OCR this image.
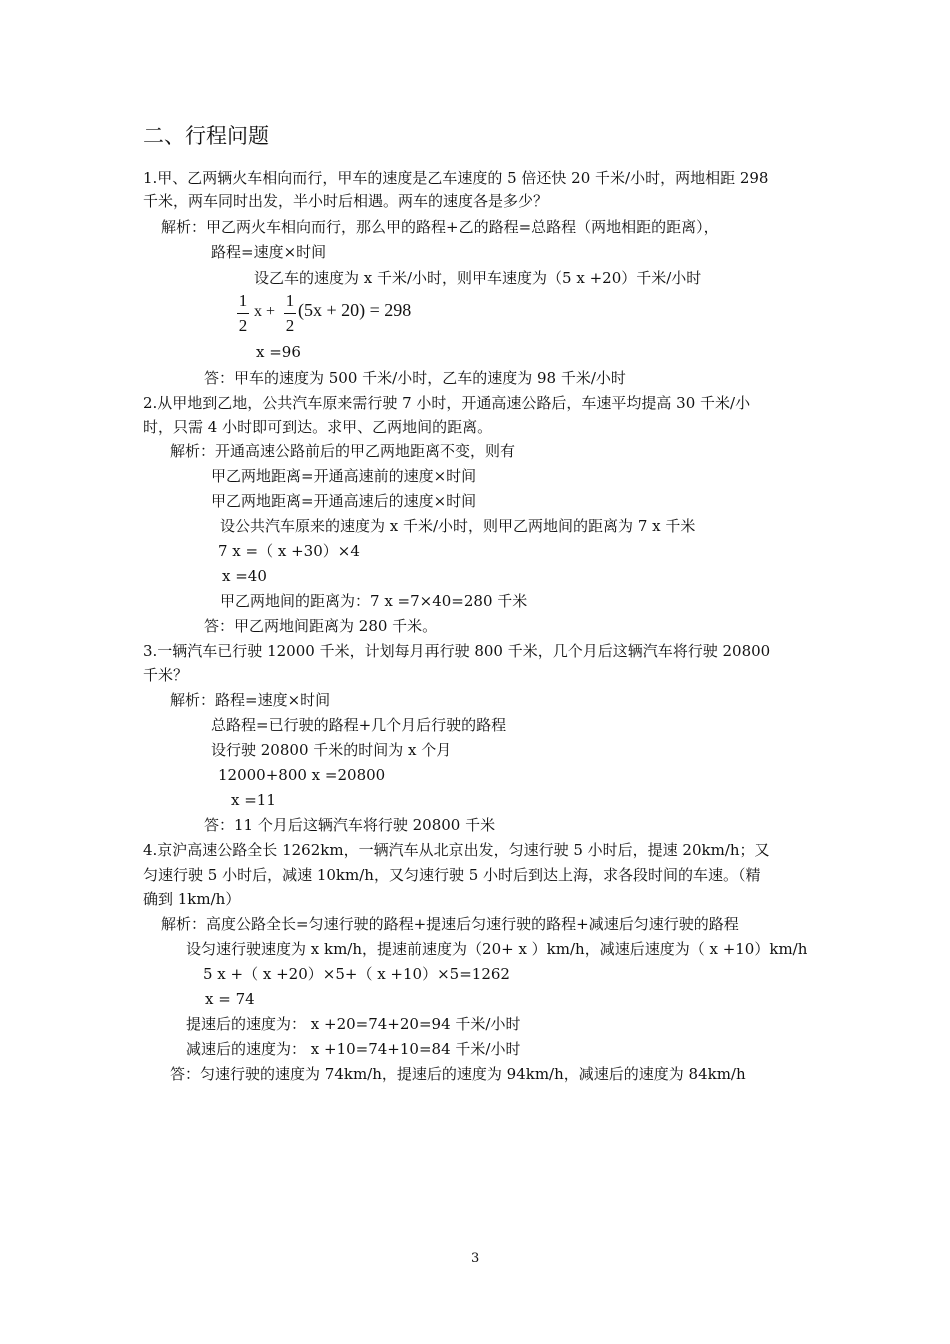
二、行程问题
1.甲、乙两辆火车相向而行，甲车的速度是乙车速度的 5 倍还快 20 千米/小时，两地相距 298
千米，两车同时出发，半小时后相遇。两车的速度各是多少？
解析：甲乙两火车相向而行，那么甲的路程+乙的路程=总路程（两地相距的距离），
路程=速度×时间
设乙车的速度为 x 千米/小时，则甲车速度为（5 x +20）千米/小时
1
2
x +
1
2
(5x + 20) = 298
x =96
答：甲车的速度为 500 千米/小时，乙车的速度为 98 千米/小时
2.从甲地到乙地，公共汽车原来需行驶 7 小时，开通高速公路后，车速平均提高 30 千米/小
时，只需 4 小时即可到达。求甲、乙两地间的距离。
解析：开通高速公路前后的甲乙两地距离不变，则有
甲乙两地距离=开通高速前的速度×时间
甲乙两地距离=开通高速后的速度×时间
设公共汽车原来的速度为 x 千米/小时，则甲乙两地间的距离为 7 x 千米
7 x =（ x +30）×4
x =40
甲乙两地间的距离为：7 x =7×40=280 千米
答：甲乙两地间距离为 280 千米。
3.一辆汽车已行驶 12000 千米，计划每月再行驶 800 千米，几个月后这辆汽车将行驶 20800
千米？
解析：路程=速度×时间
总路程=已行驶的路程+几个月后行驶的路程
设行驶 20800 千米的时间为 x 个月
12000+800 x =20800
x =11
答：11 个月后这辆汽车将行驶 20800 千米
4.京沪高速公路全长 1262km，一辆汽车从北京出发，匀速行驶 5 小时后，提速 20km/h；又
匀速行驶 5 小时后，减速 10km/h，又匀速行驶 5 小时后到达上海，求各段时间的车速。（精
确到 1km/h）
解析：高度公路全长=匀速行驶的路程+提速后匀速行驶的路程+减速后匀速行驶的路程
设匀速行驶速度为 x km/h，提速前速度为（20+ x ）km/h，减速后速度为（ x +10）km/h
5 x +（ x +20）×5+（ x +10）×5=1262
x = 74
提速后的速度为： x +20=74+20=94 千米/小时
减速后的速度为： x +10=74+10=84 千米/小时
答：匀速行驶的速度为 74km/h，提速后的速度为 94km/h，减速后的速度为 84km/h
3
